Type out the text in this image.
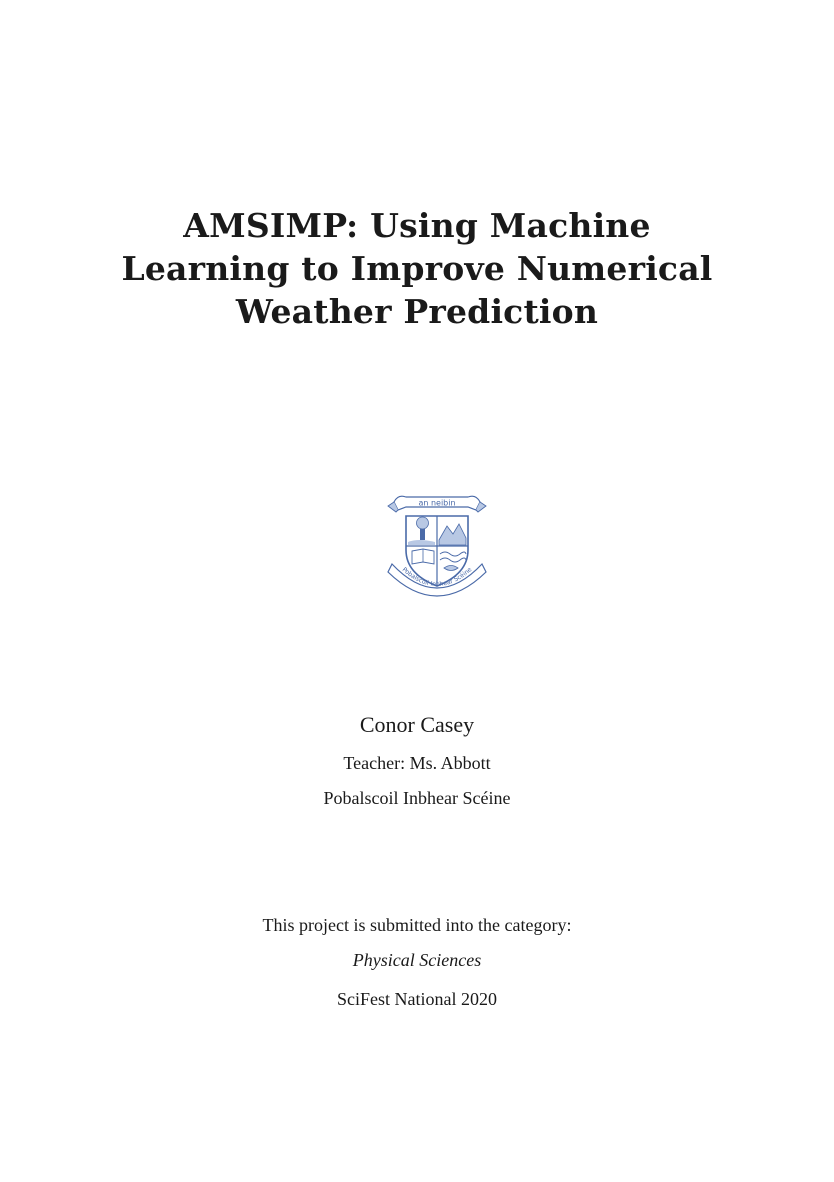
AMSIMP: Using Machine
Learning to Improve Numerical
Weather Prediction
an neibin
Pobalscoil Inbhear Scéine
Conor Casey
Teacher: Ms. Abbott
Pobalscoil Inbhear Scéine
This project is submitted into the category:
Physical Sciences
SciFest National 2020
